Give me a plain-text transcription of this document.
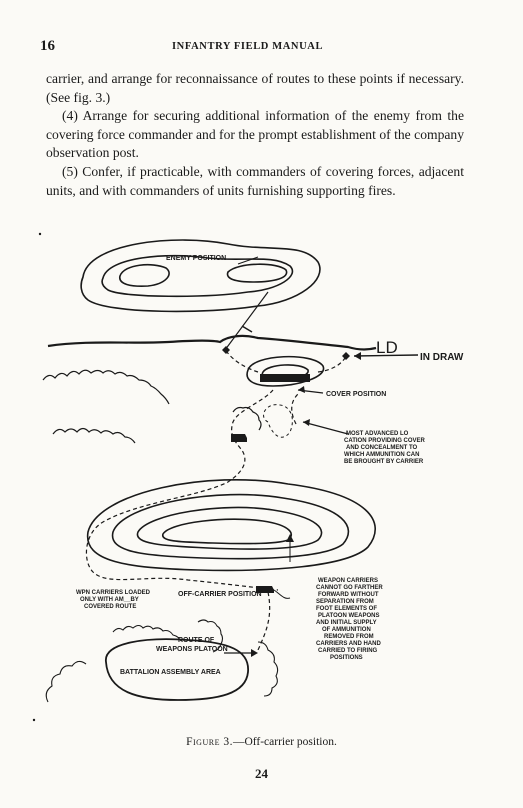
16	INFANTRY FIELD MANUAL

carrier, and arrange for reconnaissance of routes to these points if necessary. (See fig. 3.)

(4) Arrange for securing additional information of the enemy from the covering force commander and for the prompt establishment of the company observation post.

(5) Confer, if practicable, with commanders of covering forces, adjacent units, and with commanders of units furnishing supporting fires.

ENEMY POSITION
LD
IN DRAW
COVER POSITION
MOST ADVANCED LO
CATION PROVIDING COVER
AND CONCEALMENT TO
WHICH AMMUNITION CAN
BE BROUGHT BY CARRIER
WPN CARRIERS LOADED
ONLY WITH AM__BY
COVERED ROUTE
OFF-CARRIER POSITION
WEAPON CARRIERS
CANNOT GO FARTHER
FORWARD WITHOUT
SEPARATION FROM
FOOT ELEMENTS OF
PLATOON WEAPONS
AND INITIAL SUPPLY
OF AMMUNITION
REMOVED FROM
CARRIERS AND HAND
CARRIED TO FIRING
POSITIONS
ROUTE OF
WEAPONS PLATOON
BATTALION ASSEMBLY AREA
Figure 3.—Off-carrier position.
24
